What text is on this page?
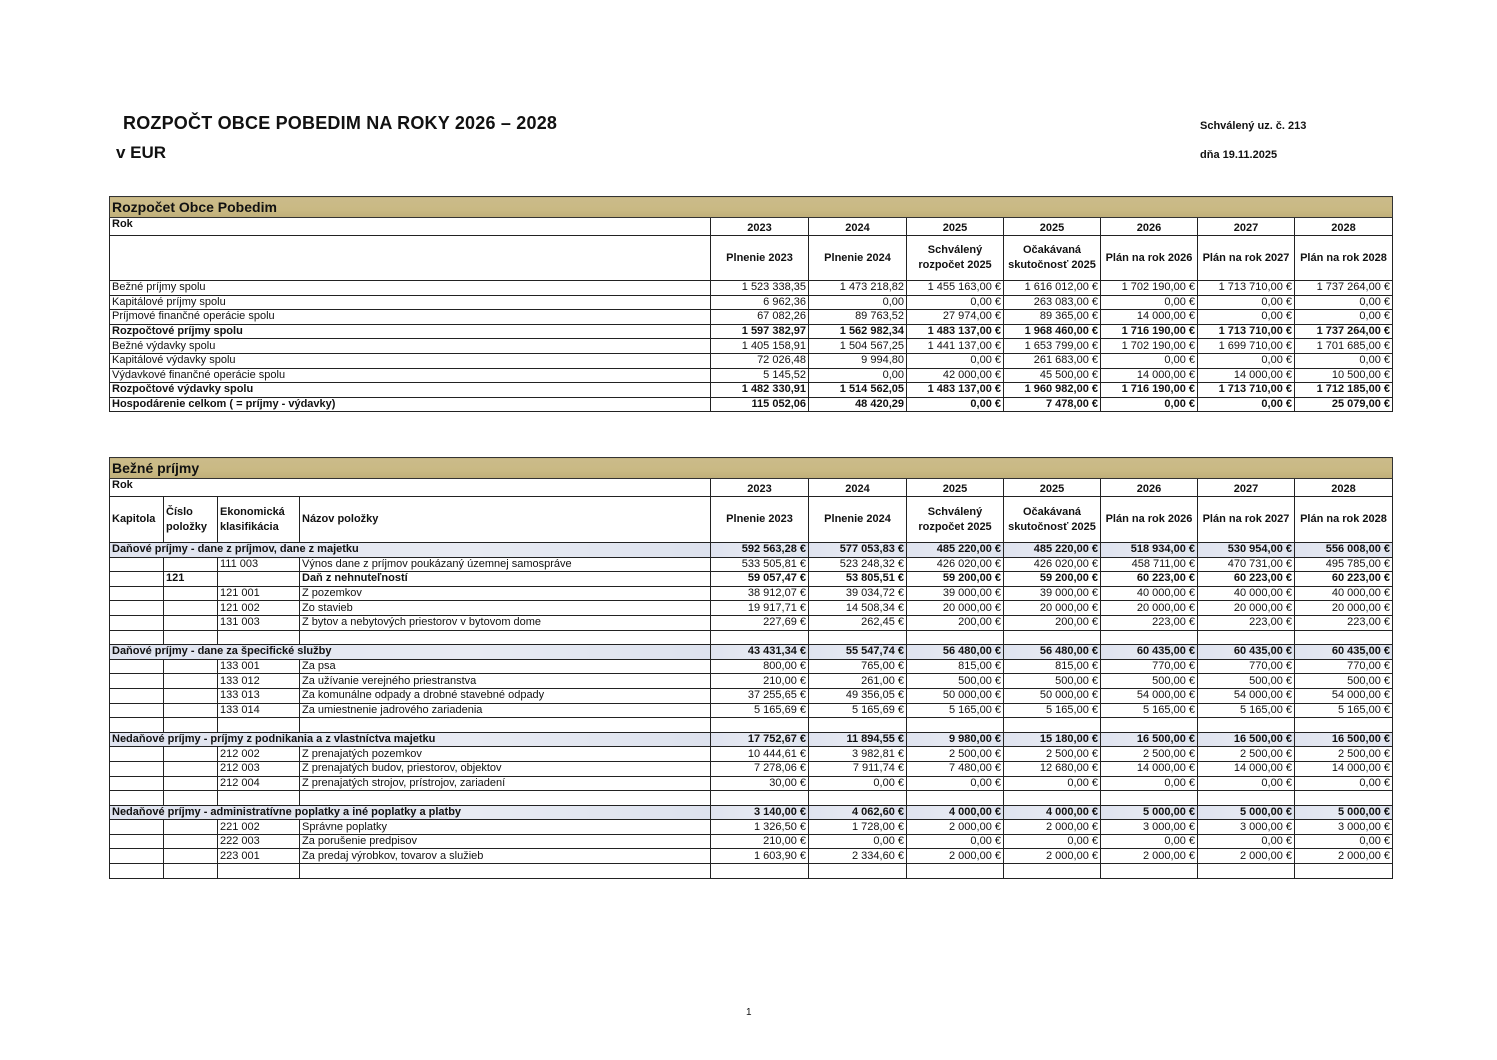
ROZPOČT OBCE POBEDIM NA ROKY 2026 – 2028
v EUR
Schválený uz. č. 213
dňa 19.11.2025
Rozpočet Obce Pobedim							
Rok	2023	2024	2025	2025	2026	2027	2028
	Plnenie 2023	Plnenie 2024	Schválený rozpočet 2025	Očakávaná skutočnosť 2025	Plán na rok 2026	Plán na rok 2027	Plán na rok 2028
Bežné príjmy spolu	1 523 338,35	1 473 218,82	1 455 163,00 €	1 616 012,00 €	1 702 190,00 €	1 713 710,00 €	1 737 264,00 €
Kapitálové príjmy spolu	6 962,36	0,00	0,00 €	263 083,00 €	0,00 €	0,00 €	0,00 €
Príjmové finančné operácie spolu	67 082,26	89 763,52	27 974,00 €	89 365,00 €	14 000,00 €	0,00 €	0,00 €
Rozpočtové príjmy spolu	1 597 382,97	1 562 982,34	1 483 137,00 €	1 968 460,00 €	1 716 190,00 €	1 713 710,00 €	1 737 264,00 €
Bežné výdavky spolu	1 405 158,91	1 504 567,25	1 441 137,00 €	1 653 799,00 €	1 702 190,00 €	1 699 710,00 €	1 701 685,00 €
Kapitálové výdavky spolu	72 026,48	9 994,80	0,00 €	261 683,00 €	0,00 €	0,00 €	0,00 €
Výdavkové finančné operácie spolu	5 145,52	0,00	42 000,00 €	45 500,00 €	14 000,00 €	14 000,00 €	10 500,00 €
Rozpočtové výdavky spolu	1 482 330,91	1 514 562,05	1 483 137,00 €	1 960 982,00 €	1 716 190,00 €	1 713 710,00 €	1 712 185,00 €
Hospodárenie celkom ( = príjmy - výdavky)	115 052,06	48 420,29	0,00 €	7 478,00 €	0,00 €	0,00 €	25 079,00 €
Bežné príjmy										
Rok				2023	2024	2025	2025	2026	2027	2028
Kapitola	Číslo položky	Ekonomická klasifikácia	Názov položky	Plnenie 2023	Plnenie 2024	Schválený rozpočet 2025	Očakávaná skutočnosť 2025	Plán na rok 2026	Plán na rok 2027	Plán na rok 2028
Daňové príjmy - dane z príjmov, dane z majetku				592 563,28 €	577 053,83 €	485 220,00 €	485 220,00 €	518 934,00 €	530 954,00 €	556 008,00 €
		111 003	Výnos dane z príjmov poukázaný územnej samospráve	533 505,81 €	523 248,32 €	426 020,00 €	426 020,00 €	458 711,00 €	470 731,00 €	495 785,00 €
	121		Daň z nehnuteľností	59 057,47 €	53 805,51 €	59 200,00 €	59 200,00 €	60 223,00 €	60 223,00 €	60 223,00 €
		121 001	Z pozemkov	38 912,07 €	39 034,72 €	39 000,00 €	39 000,00 €	40 000,00 €	40 000,00 €	40 000,00 €
		121 002	Zo stavieb	19 917,71 €	14 508,34 €	20 000,00 €	20 000,00 €	20 000,00 €	20 000,00 €	20 000,00 €
		131 003	Z bytov a nebytových priestorov v bytovom dome	227,69 €	262,45 €	200,00 €	200,00 €	223,00 €	223,00 €	223,00 €

Daňové príjmy - dane za špecifické služby				43 431,34 €	55 547,74 €	56 480,00 €	56 480,00 €	60 435,00 €	60 435,00 €	60 435,00 €
		133 001	Za psa	800,00 €	765,00 €	815,00 €	815,00 €	770,00 €	770,00 €	770,00 €
		133 012	Za užívanie verejného priestranstva	210,00 €	261,00 €	500,00 €	500,00 €	500,00 €	500,00 €	500,00 €
		133 013	Za komunálne odpady a drobné stavebné odpady	37 255,65 €	49 356,05 €	50 000,00 €	50 000,00 €	54 000,00 €	54 000,00 €	54 000,00 €
		133 014	Za umiestnenie jadrového zariadenia	5 165,69 €	5 165,69 €	5 165,00 €	5 165,00 €	5 165,00 €	5 165,00 €	5 165,00 €

Nedaňové príjmy - príjmy z podnikania a z vlastníctva majetku				17 752,67 €	11 894,55 €	9 980,00 €	15 180,00 €	16 500,00 €	16 500,00 €	16 500,00 €
		212 002	Z prenajatých pozemkov	10 444,61 €	3 982,81 €	2 500,00 €	2 500,00 €	2 500,00 €	2 500,00 €	2 500,00 €
		212 003	Z prenajatých budov, priestorov, objektov	7 278,06 €	7 911,74 €	7 480,00 €	12 680,00 €	14 000,00 €	14 000,00 €	14 000,00 €
		212 004	Z prenajatých strojov, prístrojov, zariadení	30,00 €	0,00 €	0,00 €	0,00 €	0,00 €	0,00 €	0,00 €

Nedaňové príjmy - administratívne poplatky a iné poplatky a platby				3 140,00 €	4 062,60 €	4 000,00 €	4 000,00 €	5 000,00 €	5 000,00 €	5 000,00 €
		221 002	Správne poplatky	1 326,50 €	1 728,00 €	2 000,00 €	2 000,00 €	3 000,00 €	3 000,00 €	3 000,00 €
		222 003	Za porušenie predpisov	210,00 €	0,00 €	0,00 €	0,00 €	0,00 €	0,00 €	0,00 €
		223 001	Za predaj výrobkov, tovarov a služieb	1 603,90 €	2 334,60 €	2 000,00 €	2 000,00 €	2 000,00 €	2 000,00 €	2 000,00 €

1
